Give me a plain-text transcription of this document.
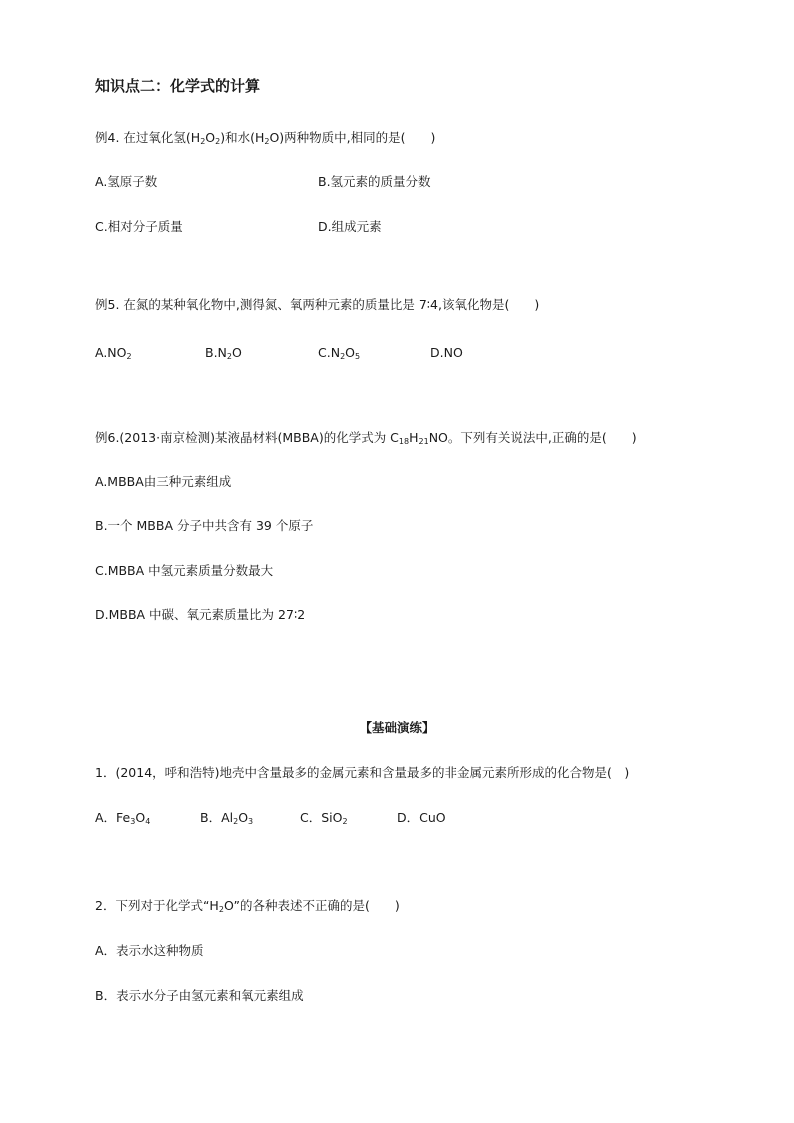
知识点二：化学式的计算
例4. 在过氧化氢$(H_2O_2)$和水$(H_2O)$两种物质中,相同的是(　　)
A.氢原子数	B.氢元素的质量分数
C.相对分子质量	D.组成元素
例5. 在氮的某种氧化物中,测得氮、氧两种元素的质量比是 7∶4,该氧化物是(　　)
$A.NO_2$	$B.N_2O$	$C.N_2O_5$	D.NO
例6.(2013·南京检测)某液晶材料(MBBA)的化学式为 $C_{18}H_{21}NO$。下列有关说法中,正确的是(　　)
A.MBBA由三种元素组成
B.一个 MBBA 分子中共含有 39 个原子
C.MBBA 中氢元素质量分数最大
D.MBBA 中碳、氧元素质量比为 27∶2
【基础演练】
1．(2014，呼和浩特)地壳中含量最多的金属元素和含量最多的非金属元素所形成的化合物是(　)
A．$Fe_3O_4$	B．$Al_2O_3$	C．SiO$_2$	D．CuO
2．下列对于化学式“$H_2O$”的各种表述不正确的是(　　)
A．表示水这种物质
B．表示水分子由氢元素和氧元素组成
